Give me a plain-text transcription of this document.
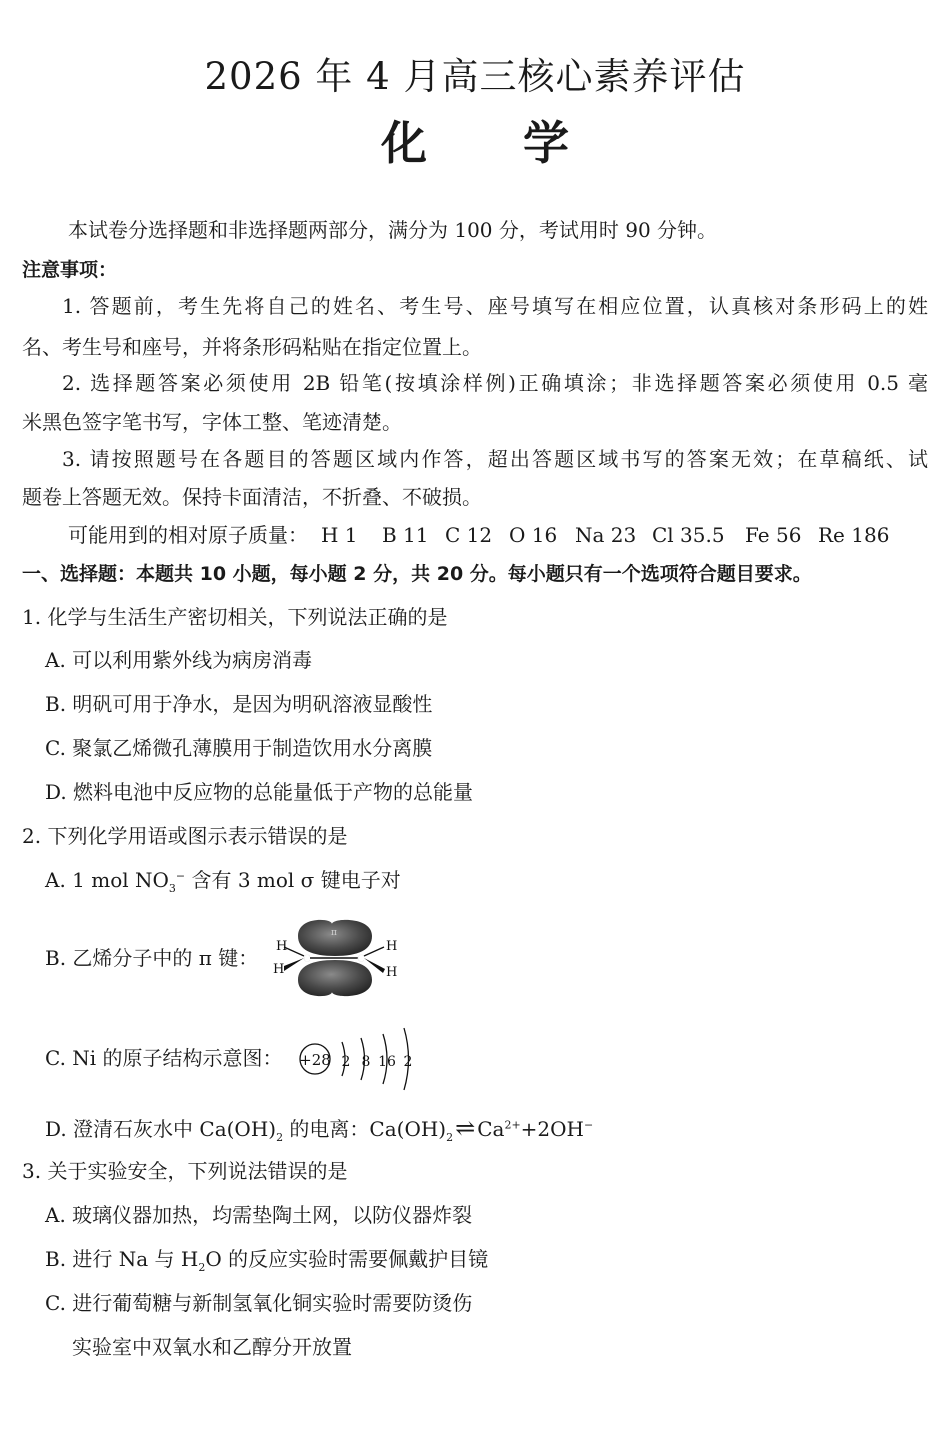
2026 年 4 月高三核心素养评估
化 学
本试卷分选择题和非选择题两部分，满分为 100 分，考试用时 90 分钟。
注意事项：
1. 答题前，考生先将自己的姓名、考生号、座号填写在相应位置，认真核对条形码上的姓
名、考生号和座号，并将条形码粘贴在指定位置上。
2. 选择题答案必须使用 2B 铅笔(按填涂样例)正确填涂；非选择题答案必须使用 0.5 毫
米黑色签字笔书写，字体工整、笔迹清楚。
3. 请按照题号在各题目的答题区域内作答，超出答题区域书写的答案无效；在草稿纸、试
题卷上答题无效。保持卡面清洁，不折叠、不破损。
可能用到的相对原子质量： H 1 B 11 C 12 O 16 Na 23 Cl 35.5 Fe 56 Re 186
一、选择题：本题共 10 小题，每小题 2 分，共 20 分。每小题只有一个选项符合题目要求。
1. 化学与生活生产密切相关，下列说法正确的是
A. 可以利用紫外线为病房消毒
B. 明矾可用于净水，是因为明矾溶液显酸性
C. 聚氯乙烯微孔薄膜用于制造饮用水分离膜
D. 燃料电池中反应物的总能量低于产物的总能量
2. 下列化学用语或图示表示错误的是
A. 1 mol $NO_3^-$ 含有 3 mol σ 键电子对
B. 乙烯分子中的 π 键：
π
C	C
H
H
H
H
C. Ni 的原子结构示意图： +28 2 8 16 2
D. 澄清石灰水中 $Ca(OH)_2$ 的电离：$Ca(OH)_2\rightleftharpoons$ $Ca^{2+}+2OH^-$
3. 关于实验安全，下列说法错误的是
A. 玻璃仪器加热，均需垫陶土网，以防仪器炸裂
B. 进行 Na 与 $H_2O$ 的反应实验时需要佩戴护目镜
C. 进行葡萄糖与新制氢氧化铜实验时需要防烫伤
实验室中双氧水和乙醇分开放置
